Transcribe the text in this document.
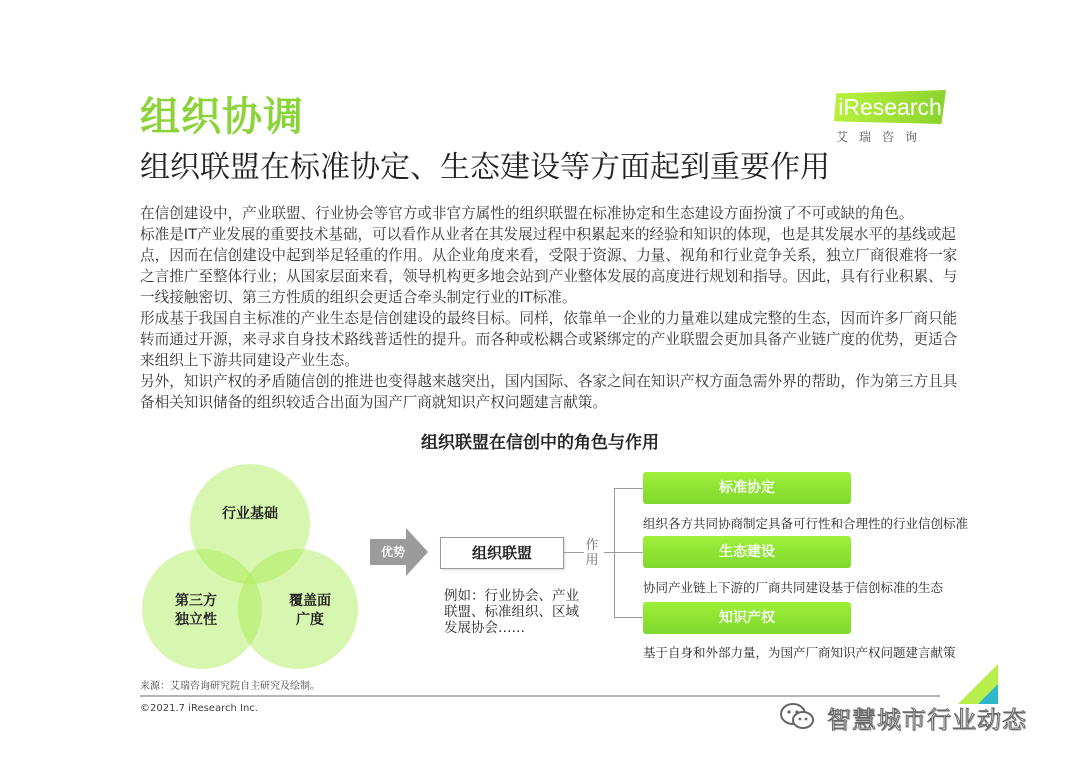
组织协调
组织联盟在标准协定、生态建设等方面起到重要作用
iResearch
艾瑞咨询

在信创建设中，产业联盟、行业协会等官方或非官方属性的组织联盟在标准协定和生态建设方面扮演了不可或缺的角色。

标准是IT产业发展的重要技术基础，可以看作从业者在其发展过程中积累起来的经验和知识的体现，也是其发展水平的基线或起点，因而在信创建设中起到举足轻重的作用。从企业角度来看，受限于资源、力量、视角和行业竞争关系，独立厂商很难将一家之言推广至整体行业；从国家层面来看，领导机构更多地会站到产业整体发展的高度进行规划和指导。因此，具有行业积累、与一线接触密切、第三方性质的组织会更适合牵头制定行业的IT标准。

形成基于我国自主标准的产业生态是信创建设的最终目标。同样，依靠单一企业的力量难以建成完整的生态，因而许多厂商只能转而通过开源，来寻求自身技术路线普适性的提升。而各种或松耦合或紧绑定的产业联盟会更加具备产业链广度的优势，更适合来组织上下游共同建设产业生态。

另外，知识产权的矛盾随信创的推进也变得越来越突出，国内国际、各家之间在知识产权方面急需外界的帮助，作为第三方且具备相关知识储备的组织较适合出面为国产厂商就知识产权问题建言献策。

组织联盟在信创中的角色与作用
行业基础
第三方
独立性
覆盖面
广度
优势	组织联盟
例如：行业协会、产业联盟、标准组织、区域发展协会……
作用
标准协定
组织各方共同协商制定具备可行性和合理性的行业信创标准
生态建设
协同产业链上下游的厂商共同建设基于信创标准的生态
知识产权
基于自身和外部力量，为国产厂商知识产权问题建言献策
来源：艾瑞咨询研究院自主研究及绘制。
©2021.7 iResearch Inc.	智慧城市行业动态
